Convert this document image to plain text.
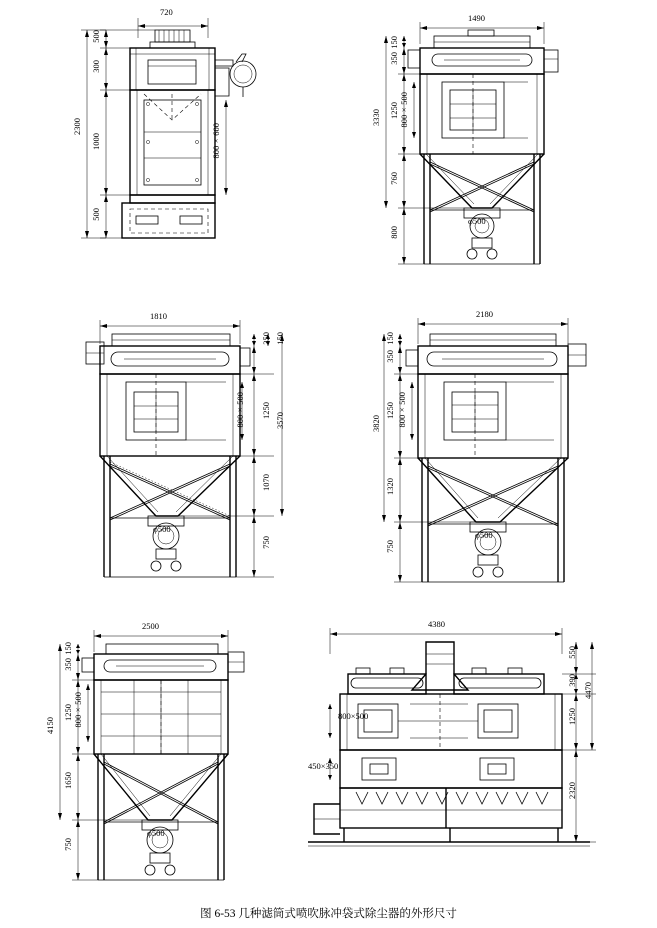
720
500
300
1000
500
2300	800×600
1490
150
350
1250
760
800
3330 800×500
φ500
1810
350 150
1250
1070
750
3570
800×500
φ500
2180
150
350
1250
1320
750
3820 800×500
φ500
2500
150
350
1250
1650
750
4150 800×500
φ500
4380
550
390
1250
2320
4470
800×500
450×350
图 6-53 几种滤筒式喷吹脉冲袋式除尘器的外形尺寸
